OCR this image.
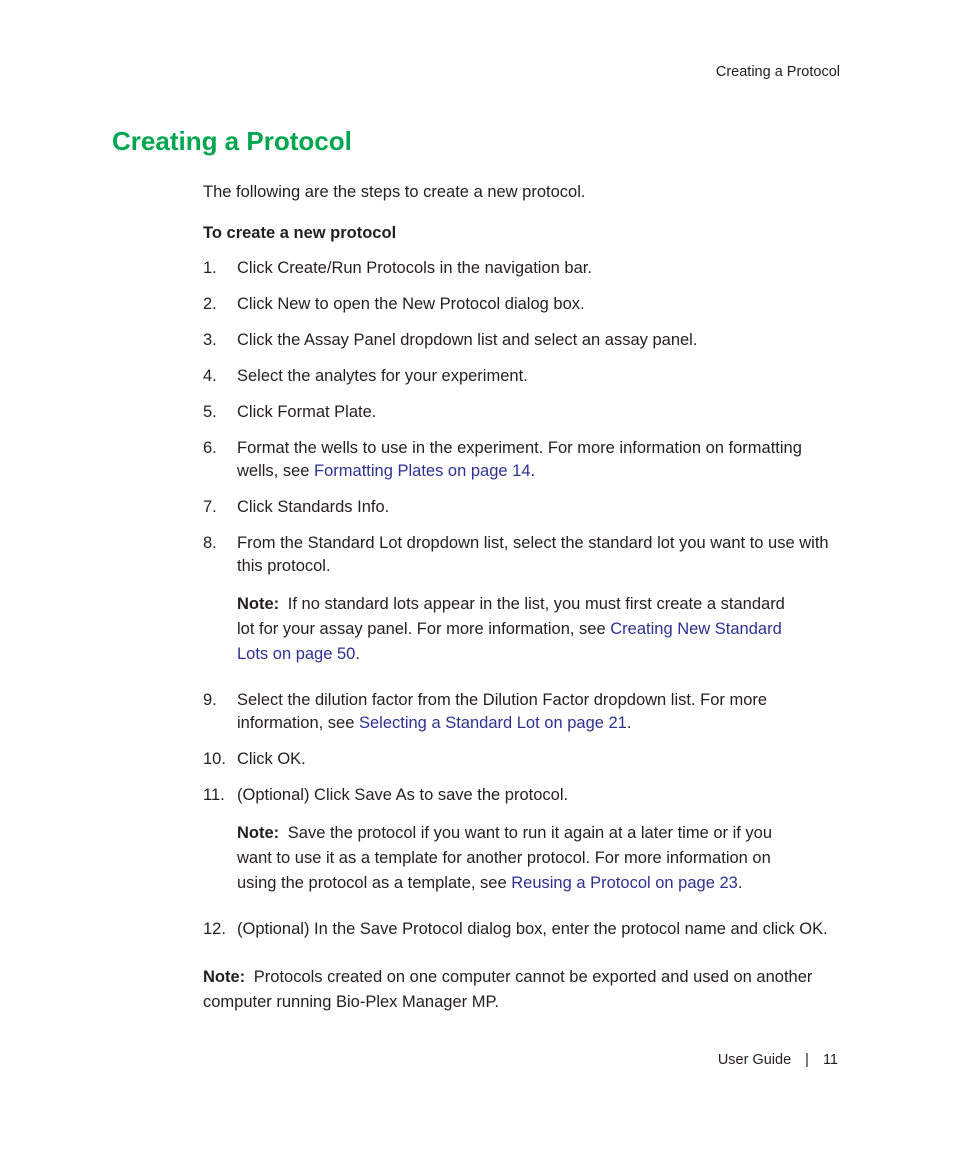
Creating a Protocol
Creating a Protocol

The following are the steps to create a new protocol.

To create a new protocol

1. Click Create/Run Protocols in the navigation bar.
2. Click New to open the New Protocol dialog box.
3. Click the Assay Panel dropdown list and select an assay panel.
4. Select the analytes for your experiment.
5. Click Format Plate.
6. Format the wells to use in the experiment. For more information on formatting wells, see Formatting Plates on page 14.
7. Click Standards Info.
8. From the Standard Lot dropdown list, select the standard lot you want to use with this protocol.
Note: If no standard lots appear in the list, you must first create a standard lot for your assay panel. For more information, see Creating New Standard Lots on page 50.
9. Select the dilution factor from the Dilution Factor dropdown list. For more information, see Selecting a Standard Lot on page 21.
10. Click OK.
11. (Optional) Click Save As to save the protocol.
Note: Save the protocol if you want to run it again at a later time or if you want to use it as a template for another protocol. For more information on using the protocol as a template, see Reusing a Protocol on page 23.
12. (Optional) In the Save Protocol dialog box, enter the protocol name and click OK.

Note: Protocols created on one computer cannot be exported and used on another computer running Bio-Plex Manager MP.

User Guide | 11
